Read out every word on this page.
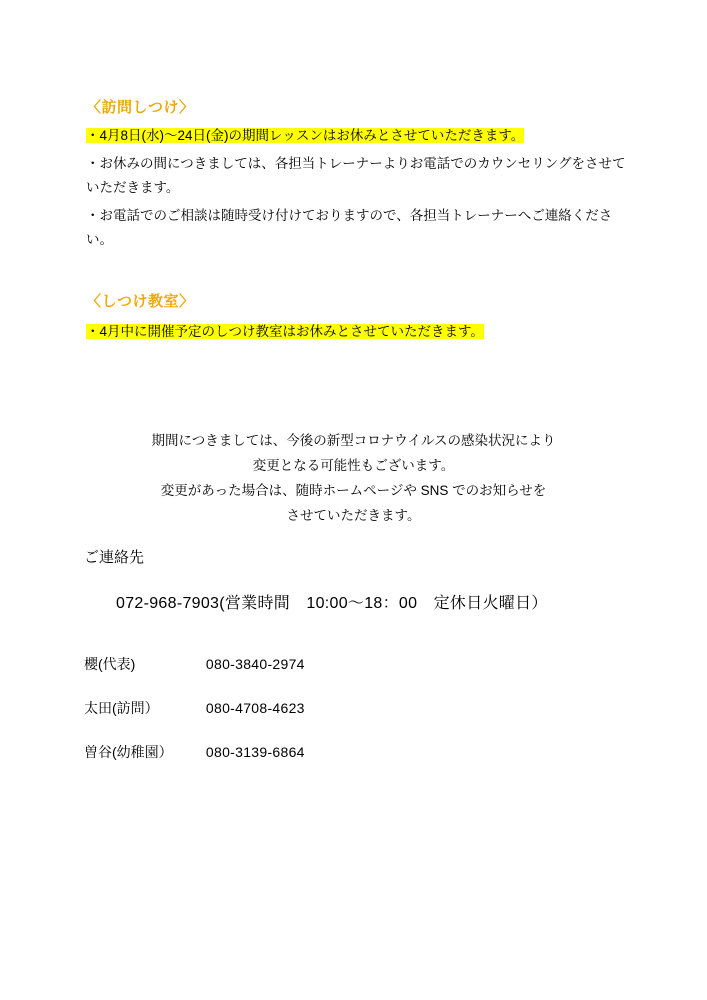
〈訪問しつけ〉
・4月8日(水)～24日(金)の期間レッスンはお休みとさせていただきます。
・お休みの間につきましては、各担当トレーナーよりお電話でのカウンセリングをさせていただきます。
・お電話でのご相談は随時受け付けておりますので、各担当トレーナーへご連絡ください。
〈しつけ教室〉
・4月中に開催予定のしつけ教室はお休みとさせていただきます。
期間につきましては、今後の新型コロナウイルスの感染状況により
変更となる可能性もございます。
変更があった場合は、随時ホームページや SNS でのお知らせを
させていただきます。
ご連絡先
072-968-7903(営業時間　10:00～18：00　定休日火曜日）
櫻(代表)	080-3840-2974
太田(訪問）	080-4708-4623
曽谷(幼稚園） 080-3139-6864
